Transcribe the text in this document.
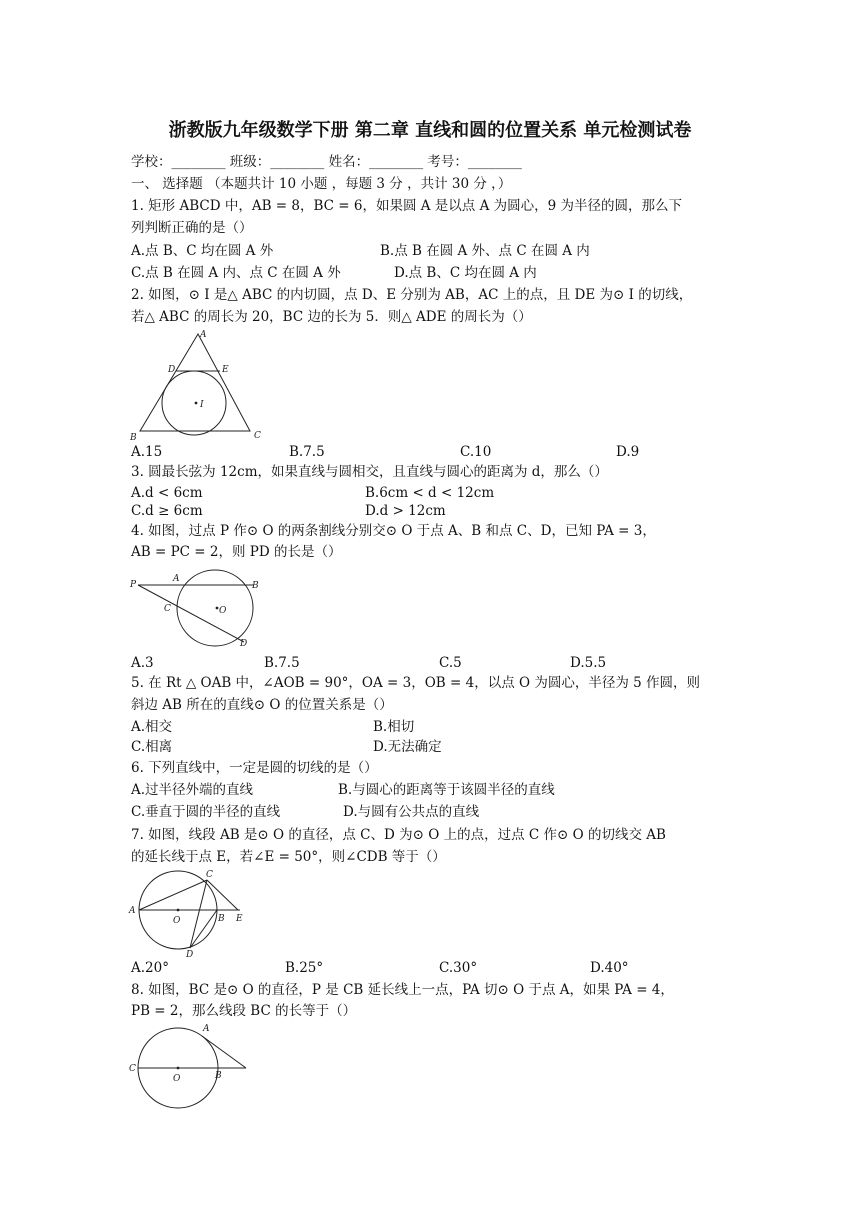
浙教版九年级数学下册 第二章 直线和圆的位置关系 单元检测试卷
学校：________ 班级：________ 姓名：________ 考号：________
一、 选择题 （本题共计 10 小题 ，每题 3 分 ，共计 30 分 ，）
1. 矩形 ABCD 中，AB = 8，BC = 6，如果圆 A 是以点 A 为圆心，9 为半径的圆，那么下
列判断正确的是（）
A.点 B、C 均在圆 A 外	B.点 B 在圆 A 外、点 C 在圆 A 内
C.点 B 在圆 A 内、点 C 在圆 A 外	D.点 B、C 均在圆 A 内
2. 如图，⊙ I 是△ ABC 的内切圆，点 D、E 分别为 AB，AC 上的点，且 DE 为⊙ I 的切线，
若△ ABC 的周长为 20，BC 边的长为 5．则△ ADE 的周长为（）
A
D	E
I
B	C
A.15	B.7.5	C.10	D.9
3. 圆最长弦为 12cm，如果直线与圆相交，且直线与圆心的距离为 d，那么（）
A.d < 6cm	B.6cm < d < 12cm
C.d ≥ 6cm	D.d > 12cm
4. 如图，过点 P 作⊙ O 的两条割线分别交⊙ O 于点 A、B 和点 C、D，已知 PA = 3，
AB = PC = 2，则 PD 的长是（）
P
A
B
C	O
D
A.3	B.7.5	C.5	D.5.5
5. 在 Rt △ OAB 中，∠AOB = 90°，OA = 3，OB = 4，以点 O 为圆心，半径为 5 作圆，则
斜边 AB 所在的直线⊙ O 的位置关系是（）
A.相交	B.相切
C.相离	D.无法确定
6. 下列直线中，一定是圆的切线的是（）
A.过半径外端的直线	B.与圆心的距离等于该圆半径的直线
C.垂直于圆的半径的直线	D.与圆有公共点的直线
7. 如图，线段 AB 是⊙ O 的直径，点 C、D 为⊙ O 上的点，过点 C 作⊙ O 的切线交 AB
的延长线于点 E，若∠E = 50°，则∠CDB 等于（）
C
A
O	B E
D
A.20°	B.25°	C.30°	D.40°
8. 如图，BC 是⊙ O 的直径，P 是 CB 延长线上一点，PA 切⊙ O 于点 A，如果 PA = 4，
PB = 2，那么线段 BC 的长等于（）
A
C
O	B
